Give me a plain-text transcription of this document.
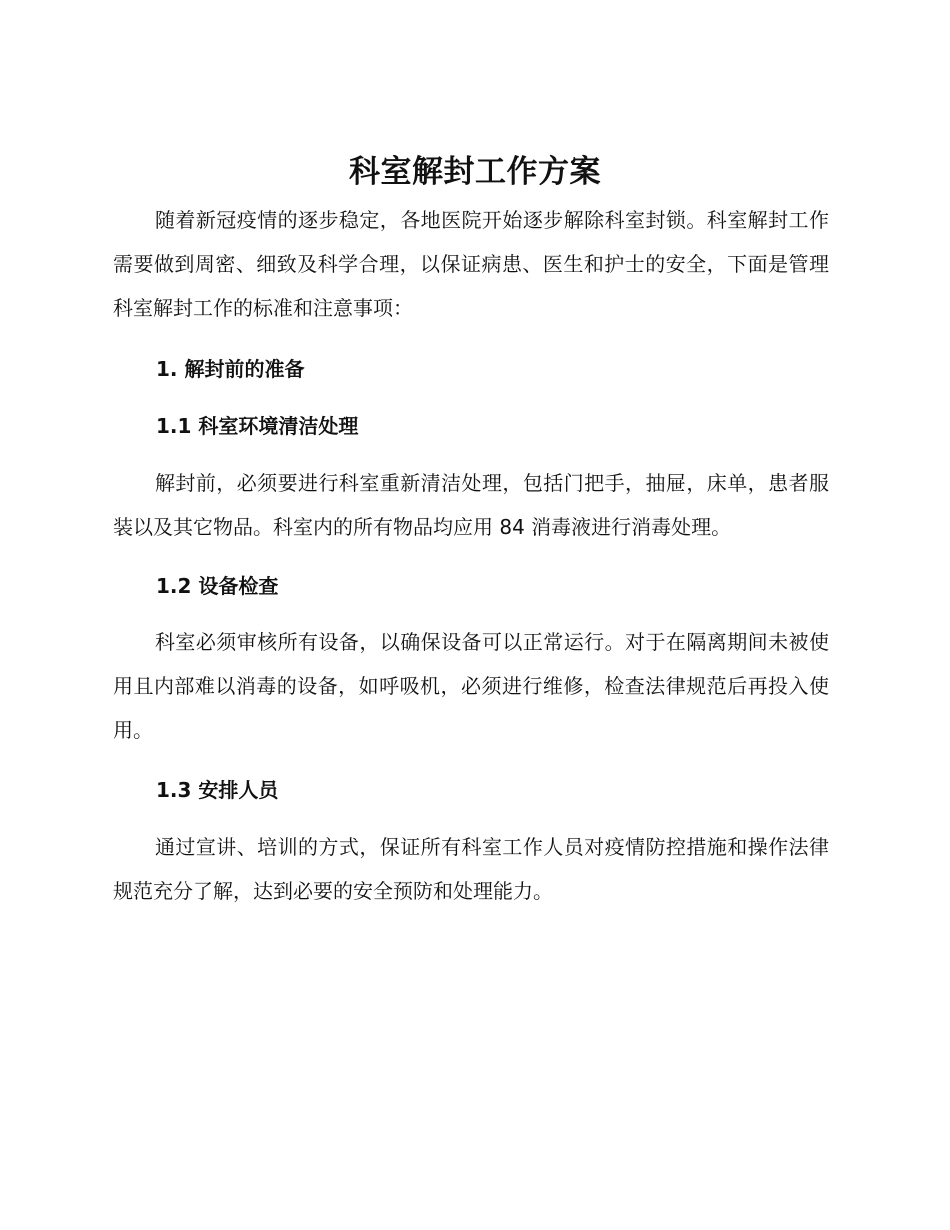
科室解封工作方案

随着新冠疫情的逐步稳定，各地医院开始逐步解除科室封锁。科室解封工作需要做到周密、细致及科学合理，以保证病患、医生和护士的安全，下面是管理科室解封工作的标准和注意事项：

1. 解封前的准备
1.1 科室环境清洁处理

解封前，必须要进行科室重新清洁处理，包括门把手，抽屉，床单，患者服装以及其它物品。科室内的所有物品均应用 84 消毒液进行消毒处理。

1.2 设备检查

科室必须审核所有设备，以确保设备可以正常运行。对于在隔离期间未被使用且内部难以消毒的设备，如呼吸机，必须进行维修，检查法律规范后再投入使用。

1.3 安排人员

通过宣讲、培训的方式，保证所有科室工作人员对疫情防控措施和操作法律规范充分了解，达到必要的安全预防和处理能力。
